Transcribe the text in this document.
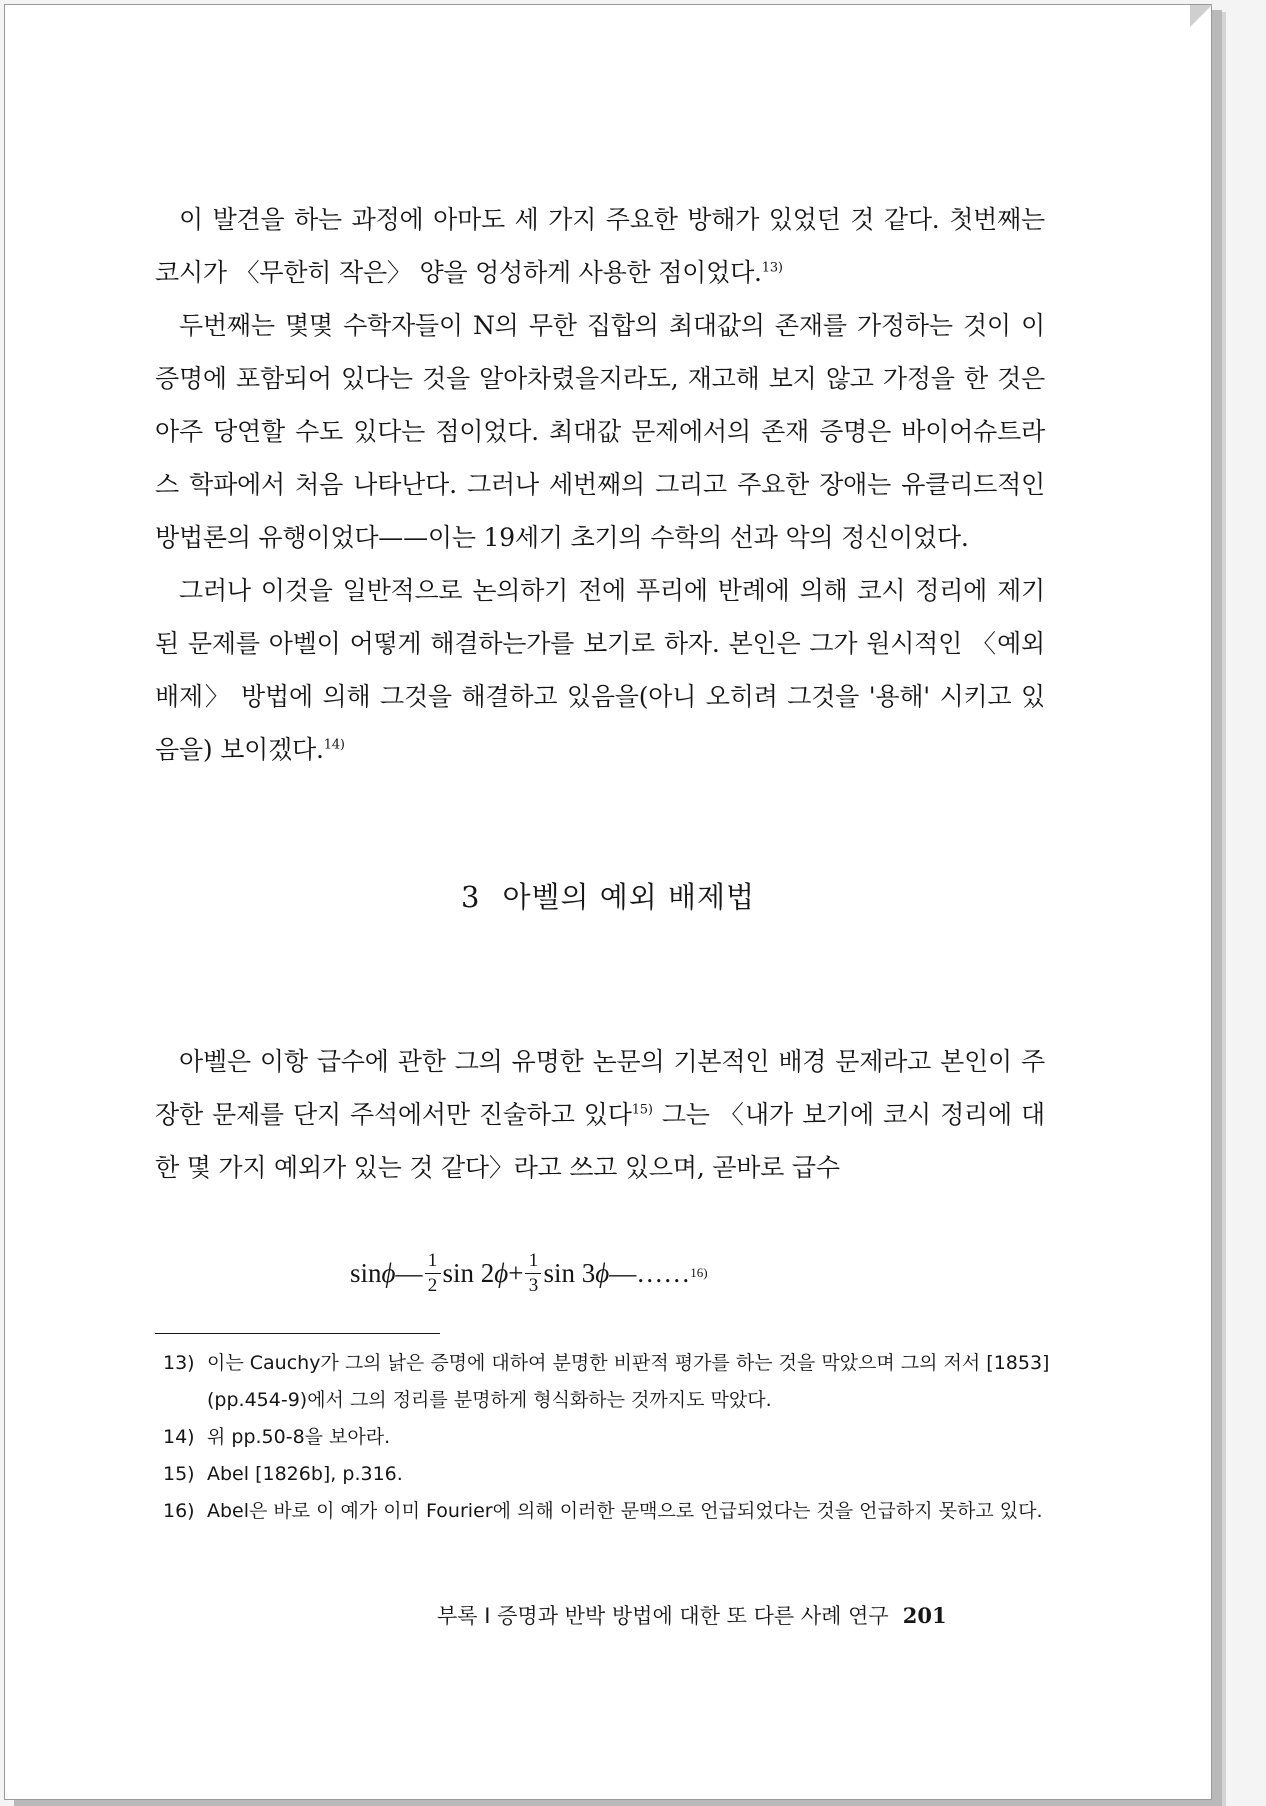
이 발견을 하는 과정에 아마도 세 가지 주요한 방해가 있었던 것 같다. 첫번째는 코시가 〈무한히 작은〉 양을 엉성하게 사용한 점이었다.$^{13)}$

두번째는 몇몇 수학자들이 N의 무한 집합의 최대값의 존재를 가정하는 것이 이 증명에 포함되어 있다는 것을 알아차렸을지라도, 재고해 보지 않고 가정을 한 것은 아주 당연할 수도 있다는 점이었다. 최대값 문제에서의 존재 증명은 바이어슈트라스 학파에서 처음 나타난다. 그러나 세번째의 그리고 주요한 장애는 유클리드적인 방법론의 유행이었다——이는 19세기 초기의 수학의 선과 악의 정신이었다.

그러나 이것을 일반적으로 논의하기 전에 푸리에 반례에 의해 코시 정리에 제기된 문제를 아벨이 어떻게 해결하는가를 보기로 하자. 본인은 그가 원시적인 〈예외 배제〉 방법에 의해 그것을 해결하고 있음을(아니 오히려 그것을 '용해' 시키고 있음을) 보이겠다.$^{14)}$

3 아벨의 예외 배제법

아벨은 이항 급수에 관한 그의 유명한 논문의 기본적인 배경 문제라고 본인이 주장한 문제를 단지 주석에서만 진술하고 있다$^{15)}$ 그는 〈내가 보기에 코시 정리에 대한 몇 가지 예외가 있는 것 같다〉라고 쓰고 있으며, 곧바로 급수

sin ϕ — $\frac{1}{2}$ sin
2 $\phi + \frac{1}{3}$ sin
3 ϕ —…… 16)
13) 이는 Cauchy가 그의 낡은 증명에 대하여 분명한 비판적 평가를 하는 것을 막았으며 그의 저서 [1853] (pp.454-9)에서 그의 정리를 분명하게 형식화하는 것까지도 막았다.
14) 위 pp.50-8을 보아라.
15) Abel [1826b], p.316.
16) Abel은 바로 이 예가 이미 Fourier에 의해 이러한 문맥으로 언급되었다는 것을 언급하지 못하고 있다.
부록 I 증명과 반박 방법에 대한 또 다른 사례 연구 201
